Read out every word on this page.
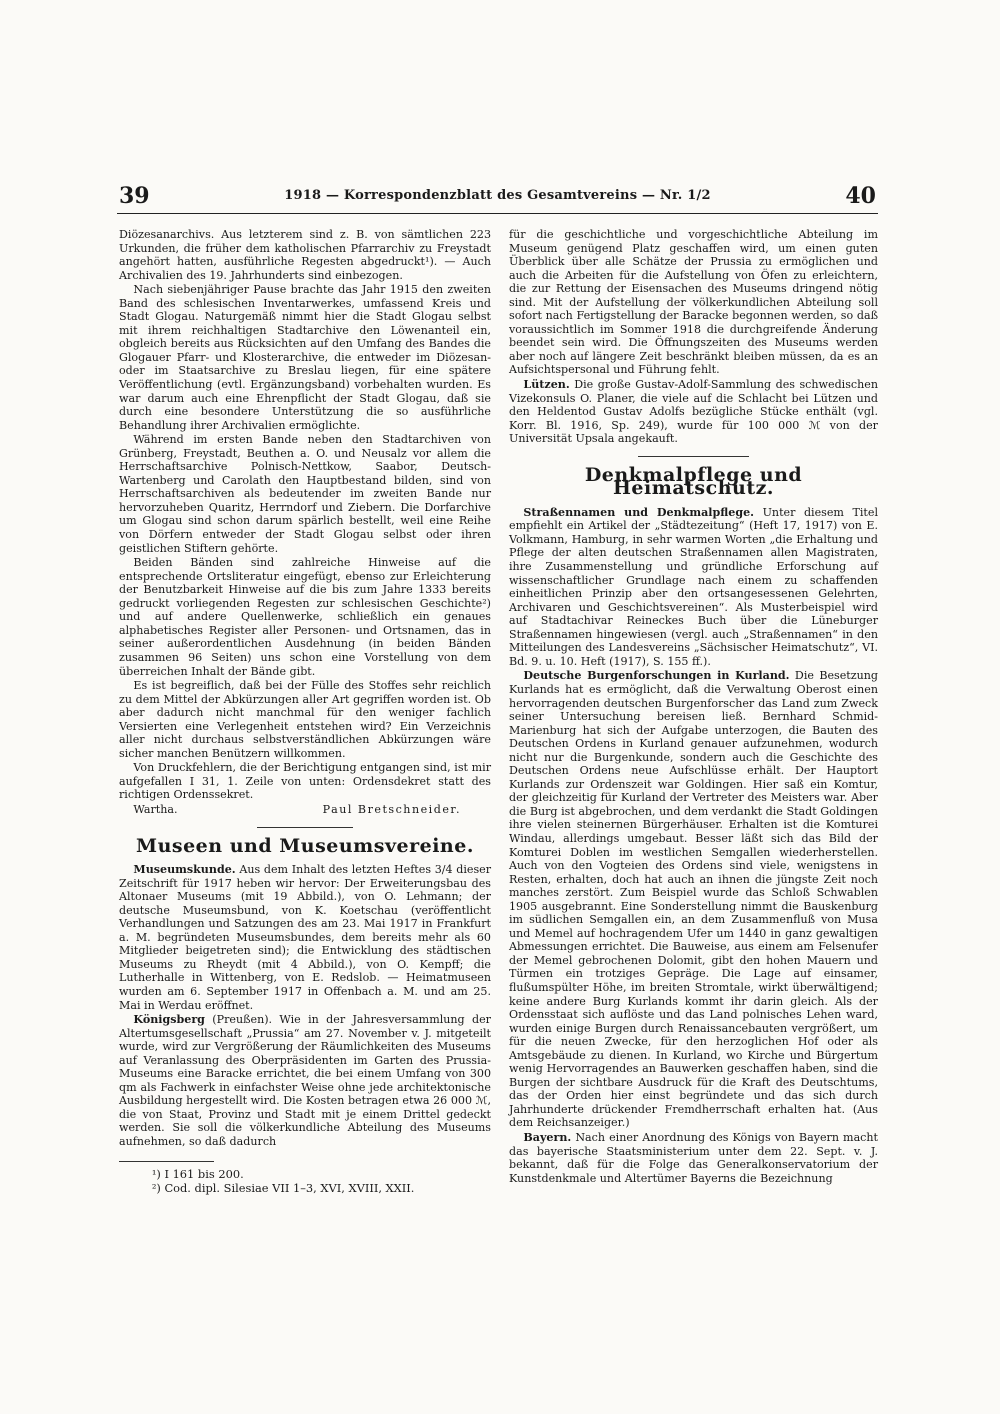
39	1918 — Korrespondenzblatt des Gesamtvereins — Nr. 1/2	40

Diözesanarchivs. Aus letzterem sind z. B. von sämtlichen 223 Urkunden, die früher dem katholischen Pfarrarchiv zu Freystadt angehört hatten, ausführliche Regesten abgedruckt¹). — Auch Archivalien des 19. Jahrhunderts sind einbezogen.

Nach siebenjähriger Pause brachte das Jahr 1915 den zweiten Band des schlesischen Inventarwerkes, umfassend Kreis und Stadt Glogau. Naturgemäß nimmt hier die Stadt Glogau selbst mit ihrem reichhaltigen Stadtarchive den Löwenanteil ein, obgleich bereits aus Rücksichten auf den Umfang des Bandes die Glogauer Pfarr- und Klosterarchive, die entweder im Diözesan- oder im Staatsarchive zu Breslau liegen, für eine spätere Veröffentlichung (evtl. Ergänzungsband) vorbehalten wurden. Es war darum auch eine Ehrenpflicht der Stadt Glogau, daß sie durch eine besondere Unterstützung die so ausführliche Behandlung ihrer Archivalien ermöglichte.

Während im ersten Bande neben den Stadtarchiven von Grünberg, Freystadt, Beuthen a. O. und Neusalz vor allem die Herrschaftsarchive Polnisch-Nettkow, Saabor, Deutsch-Wartenberg und Carolath den Hauptbestand bilden, sind von Herrschaftsarchiven als bedeutender im zweiten Bande nur hervorzuheben Quaritz, Herrndorf und Ziebern. Die Dorfarchive um Glogau sind schon darum spärlich bestellt, weil eine Reihe von Dörfern entweder der Stadt Glogau selbst oder ihren geistlichen Stiftern gehörte.

Beiden Bänden sind zahlreiche Hinweise auf die entsprechende Ortsliteratur eingefügt, ebenso zur Erleichterung der Benutzbarkeit Hinweise auf die bis zum Jahre 1333 bereits gedruckt vorliegenden Regesten zur schlesischen Geschichte²) und auf andere Quellenwerke, schließlich ein genaues alphabetisches Register aller Personen- und Ortsnamen, das in seiner außerordentlichen Ausdehnung (in beiden Bänden zusammen 96 Seiten) uns schon eine Vorstellung von dem überreichen Inhalt der Bände gibt.

Es ist begreiflich, daß bei der Fülle des Stoffes sehr reichlich zu dem Mittel der Abkürzungen aller Art gegriffen worden ist. Ob aber dadurch nicht manchmal für den weniger fachlich Versierten eine Verlegenheit entstehen wird? Ein Verzeichnis aller nicht durchaus selbstverständlichen Abkürzungen wäre sicher manchen Benützern willkommen.

Von Druckfehlern, die der Berichtigung entgangen sind, ist mir aufgefallen I 31, 1. Zeile von unten: Ordensdekret statt des richtigen Ordenssekret.

Wartha.	Paul Bretschneider.

Museen und Museumsvereine.

Museumskunde. Aus dem Inhalt des letzten Heftes 3/4 dieser Zeitschrift für 1917 heben wir hervor: Der Erweiterungsbau des Altonaer Museums (mit 19 Abbild.), von O. Lehmann; der deutsche Museumsbund, von K. Koetschau (veröffentlicht Verhandlungen und Satzungen des am 23. Mai 1917 in Frankfurt a. M. begründeten Museumsbundes, dem bereits mehr als 60 Mitglieder beigetreten sind); die Entwicklung des städtischen Museums zu Rheydt (mit 4 Abbild.), von O. Kempff; die Lutherhalle in Wittenberg, von E. Redslob. — Heimatmuseen wurden am 6. September 1917 in Offenbach a. M. und am 25. Mai in Werdau eröffnet.

Königsberg (Preußen). Wie in der Jahresversammlung der Altertumsgesellschaft „Prussia“ am 27. November v. J. mitgeteilt wurde, wird zur Vergrößerung der Räumlichkeiten des Museums auf Veranlassung des Oberpräsidenten im Garten des Prussia-Museums eine Baracke errichtet, die bei einem Umfang von 300 qm als Fachwerk in einfachster Weise ohne jede architektonische Ausbildung hergestellt wird. Die Kosten betragen etwa 26 000 ℳ, die von Staat, Provinz und Stadt mit je einem Drittel gedeckt werden. Sie soll die völkerkundliche Abteilung des Museums aufnehmen, so daß dadurch

¹) I 161 bis 200.

²) Cod. dipl. Silesiae VII 1–3, XVI, XVIII, XXII.

für die geschichtliche und vorgeschichtliche Abteilung im Museum genügend Platz geschaffen wird, um einen guten Überblick über alle Schätze der Prussia zu ermöglichen und auch die Arbeiten für die Aufstellung von Öfen zu erleichtern, die zur Rettung der Eisensachen des Museums dringend nötig sind. Mit der Aufstellung der völkerkundlichen Abteilung soll sofort nach Fertigstellung der Baracke begonnen werden, so daß voraussichtlich im Sommer 1918 die durchgreifende Änderung beendet sein wird. Die Öffnungszeiten des Museums werden aber noch auf längere Zeit beschränkt bleiben müssen, da es an Aufsichtspersonal und Führung fehlt.

Lützen. Die große Gustav-Adolf-Sammlung des schwedischen Vizekonsuls O. Planer, die viele auf die Schlacht bei Lützen und den Heldentod Gustav Adolfs bezügliche Stücke enthält (vgl. Korr. Bl. 1916, Sp. 249), wurde für 100 000 ℳ von der Universität Upsala angekauft.

Denkmalpflege und Heimatschutz.

Straßennamen und Denkmalpflege. Unter diesem Titel empfiehlt ein Artikel der „Städtezeitung“ (Heft 17, 1917) von E. Volkmann, Hamburg, in sehr warmen Worten „die Erhaltung und Pflege der alten deutschen Straßennamen allen Magistraten, ihre Zusammenstellung und gründliche Erforschung auf wissenschaftlicher Grundlage nach einem zu schaffenden einheitlichen Prinzip aber den ortsangesessenen Gelehrten, Archivaren und Geschichtsvereinen“. Als Musterbeispiel wird auf Stadtachivar Reineckes Buch über die Lüneburger Straßennamen hingewiesen (vergl. auch „Straßennamen“ in den Mitteilungen des Landesvereins „Sächsischer Heimatschutz“, VI. Bd. 9. u. 10. Heft (1917), S. 155 ff.).

Deutsche Burgenforschungen in Kurland. Die Besetzung Kurlands hat es ermöglicht, daß die Verwaltung Oberost einen hervorragenden deutschen Burgenforscher das Land zum Zweck seiner Untersuchung bereisen ließ. Bernhard Schmid-Marienburg hat sich der Aufgabe unterzogen, die Bauten des Deutschen Ordens in Kurland genauer aufzunehmen, wodurch nicht nur die Burgenkunde, sondern auch die Geschichte des Deutschen Ordens neue Aufschlüsse erhält. Der Hauptort Kurlands zur Ordenszeit war Goldingen. Hier saß ein Komtur, der gleichzeitig für Kurland der Vertreter des Meisters war. Aber die Burg ist abgebrochen, und dem verdankt die Stadt Goldingen ihre vielen steinernen Bürgerhäuser. Erhalten ist die Komturei Windau, allerdings umgebaut. Besser läßt sich das Bild der Komturei Doblen im westlichen Semgallen wiederherstellen. Auch von den Vogteien des Ordens sind viele, wenigstens in Resten, erhalten, doch hat auch an ihnen die jüngste Zeit noch manches zerstört. Zum Beispiel wurde das Schloß Schwablen 1905 ausgebrannt. Eine Sonderstellung nimmt die Bauskenburg im südlichen Semgallen ein, an dem Zusammenfluß von Musa und Memel auf hochragendem Ufer um 1440 in ganz gewaltigen Abmessungen errichtet. Die Bauweise, aus einem am Felsenufer der Memel gebrochenen Dolomit, gibt den hohen Mauern und Türmen ein trotziges Gepräge. Die Lage auf einsamer, flußumspülter Höhe, im breiten Stromtale, wirkt überwältigend; keine andere Burg Kurlands kommt ihr darin gleich. Als der Ordensstaat sich auflöste und das Land polnisches Lehen ward, wurden einige Burgen durch Renaissancebauten vergrößert, um für die neuen Zwecke, für den herzoglichen Hof oder als Amtsgebäude zu dienen. In Kurland, wo Kirche und Bürgertum wenig Hervorragendes an Bauwerken geschaffen haben, sind die Burgen der sichtbare Ausdruck für die Kraft des Deutschtums, das der Orden hier einst begründete und das sich durch Jahrhunderte drückender Fremdherrschaft erhalten hat. (Aus dem Reichsanzeiger.)

Bayern. Nach einer Anordnung des Königs von Bayern macht das bayerische Staatsministerium unter dem 22. Sept. v. J. bekannt, daß für die Folge das Generalkonservatorium der Kunstdenkmale und Altertümer Bayerns die Bezeichnung
